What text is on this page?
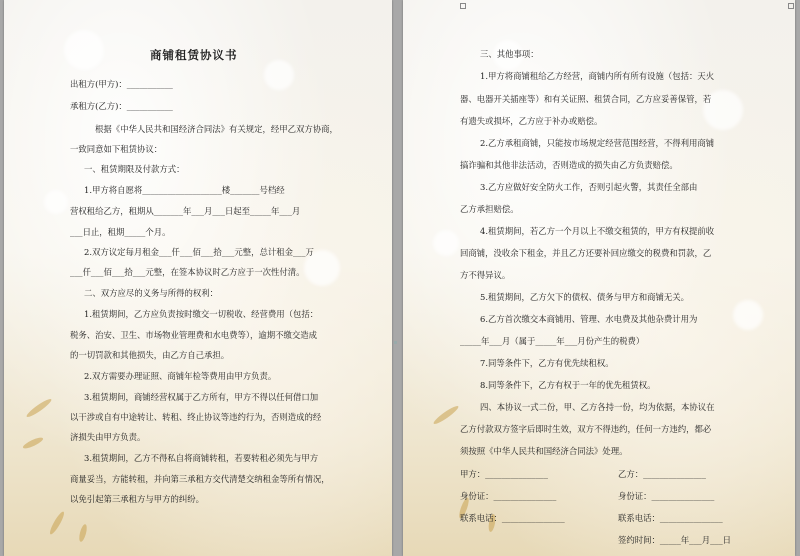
商铺租赁协议书
出租方(甲方)：___________
承租方(乙方)：___________
根据《中华人民共和国经济合同法》有关规定，经甲乙双方协商，
一致同意如下租赁协议：
一、租赁期限及付款方式：
1.甲方将自愿将___________________楼_______号档经
营权租给乙方，租期从_______年___月___日起至_____年___月
___日止，租期_____个月。
2.双方议定每月租金___仟___佰___拾___元整，总计租金___万
___仟___佰___拾___元整，在签本协议时乙方应于一次性付清。
二、双方应尽的义务与所得的权利：
1.租赁期间，乙方应负责按时缴交一切税收、经营费用（包括：
税务、治安、卫生、市场物业管理费和水电费等），逾期不缴交造成
的一切罚款和其他损失，由乙方自己承担。
2.双方需要办理证照、商铺年检等费用由甲方负责。
3.租赁期间，商铺经营权属于乙方所有，甲方不得以任何借口加
以干涉或自有中途转让、转租、终止协议等违约行为，否则造成的经
济损失由甲方负责。
3.租赁期间，乙方不得私自将商铺转租，若要转租必须先与甲方
商量妥当，方能转租，并向第三承租方交代清楚交纳租金等所有情况，
以免引起第三承租方与甲方的纠纷。
三、其他事项：
1.甲方将商铺租给乙方经营，商铺内所有所有设施（包括：天火
器、电器开关插座等）和有关证照、租赁合同，乙方应妥善保管，若
有遗失或损坏，乙方应于补办或赔偿。
2.乙方承租商铺，只能按市场规定经营范围经营，不得利用商铺
搞诈骗和其他非法活动，否则造成的损失由乙方负责赔偿。
3.乙方应做好安全防火工作，否则引起火警，其责任全部由
乙方承担赔偿。
4.租赁期间，若乙方一个月以上不缴交租赁的，甲方有权提前收
回商铺，没收余下租金，并且乙方还要补回应缴交的税费和罚款，乙
方不得异议。
5.租赁期间，乙方欠下的债权、债务与甲方和商铺无关。
6.乙方首次缴交本商铺用、管理、水电费及其他杂费计用为
_____年___月（属于_____年___月份产生的税费）
7.同等条件下，乙方有优先续租权。
8.同等条件下，乙方有权于一年的优先租赁权。
四、本协议一式二份，甲、乙方各持一份，均为依据，本协议在
乙方付款双方签字后即时生效，双方不得违约，任何一方违约，都必
须按照《中华人民共和国经济合同法》处理。
甲方：_______________	乙方：_______________
身份证：_______________	身份证：_______________
联系电话：_______________	联系电话：_______________
签约时间：_____年___月___日
